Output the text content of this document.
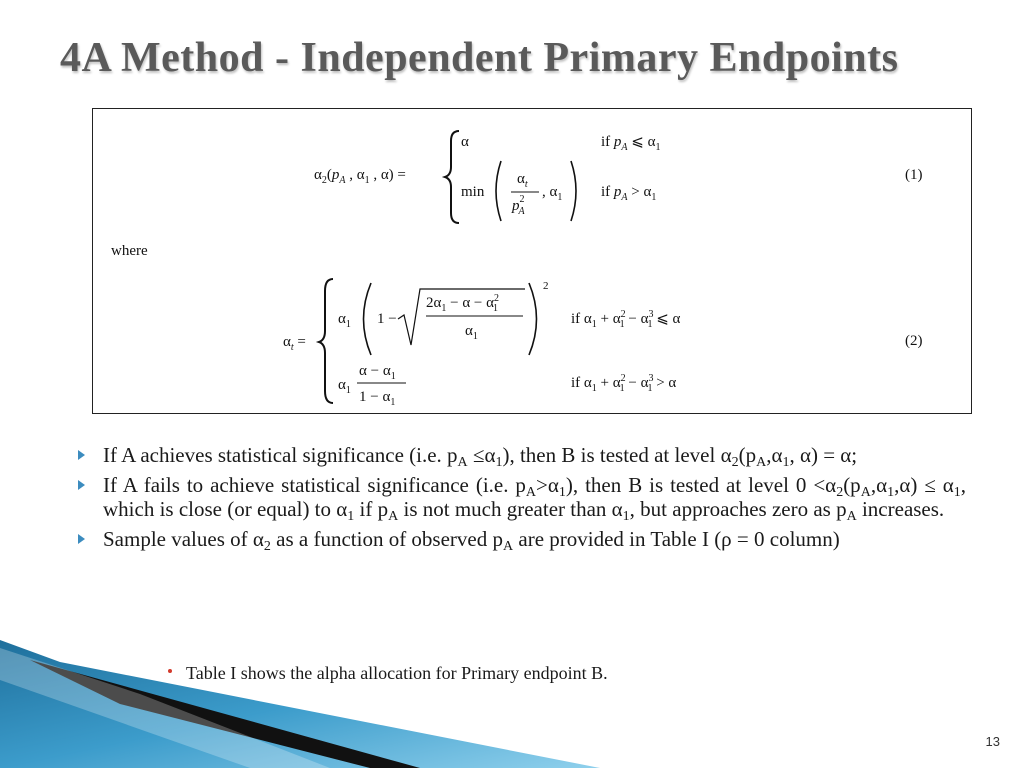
4A Method - Independent Primary Endpoints
$\alpha_2(p_A$ , $\alpha_1$ , α) =
α	if $p_A$ ⩽ $\alpha_1$
min
$\alpha_t$
$p^2$ A
, $\alpha_1$	if $p_A > \alpha_1$
(1)
where
$\alpha_t$ =
$\alpha_1$ 1 −
$2\alpha_1 - \alpha - \alpha^2$ 1
$\alpha_1$
2
if $\alpha_1 + \alpha^2$ $1 - \alpha^3$ 1 ⩽ α
$\alpha_1$
$\alpha - \alpha_1$
$1 - \alpha_1$
if $\alpha_1 + \alpha^2$ $1 - \alpha^3$ 1 > α
(2)
If A achieves statistical significance (i.e. $p_A \le\alpha_1$), then B is tested at level $\alpha_2(p_A,\alpha_1$, α) = α;
If A fails to achieve statistical significance (i.e. $p_A>\alpha_1$), then B is tested at level $0 <\alpha_2(p_A,\alpha_1,\alpha) \le \alpha_1$, which is close (or equal) to $\alpha_1$ if $p_A$ is not much greater than $\alpha_1$, but approaches zero as $p_A$ increases.
Sample values of $\alpha_2$ as a function of observed $p_A$ are provided in Table I (ρ = 0 column)
Table I shows the alpha allocation for Primary endpoint B.
13
